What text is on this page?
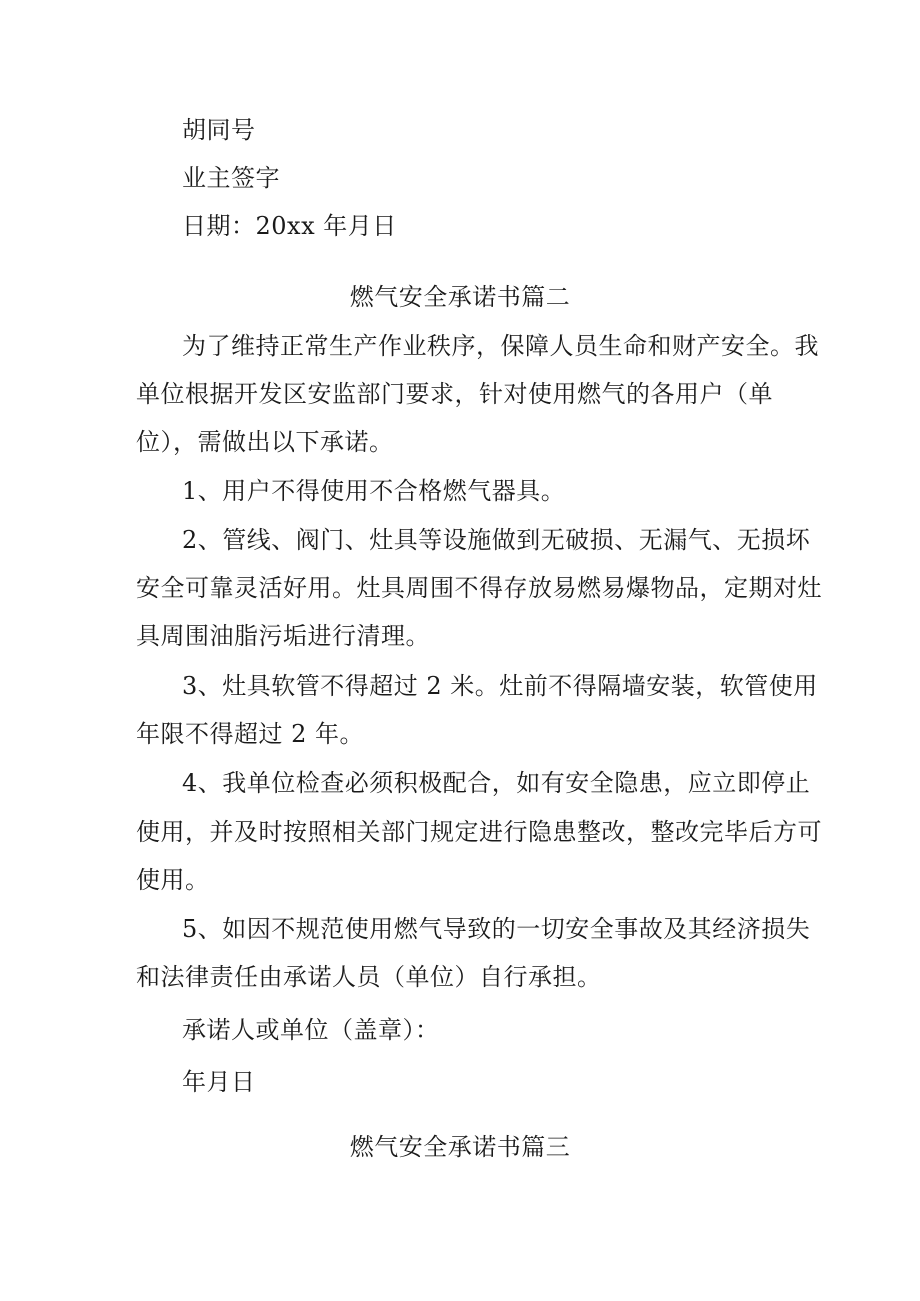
胡同号
业主签字
日期：20xx 年月日
燃气安全承诺书篇二
为了维持正常生产作业秩序，保障人员生命和财产安全。我
单位根据开发区安监部门要求，针对使用燃气的各用户（单
位），需做出以下承诺。
1、用户不得使用不合格燃气器具。
2、管线、阀门、灶具等设施做到无破损、无漏气、无损坏
安全可靠灵活好用。灶具周围不得存放易燃易爆物品，定期对灶
具周围油脂污垢进行清理。
3、灶具软管不得超过 2 米。灶前不得隔墙安装，软管使用
年限不得超过 2 年。
4、我单位检查必须积极配合，如有安全隐患，应立即停止
使用，并及时按照相关部门规定进行隐患整改，整改完毕后方可
使用。
5、如因不规范使用燃气导致的一切安全事故及其经济损失
和法律责任由承诺人员（单位）自行承担。
承诺人或单位（盖章）：
年月日
燃气安全承诺书篇三
